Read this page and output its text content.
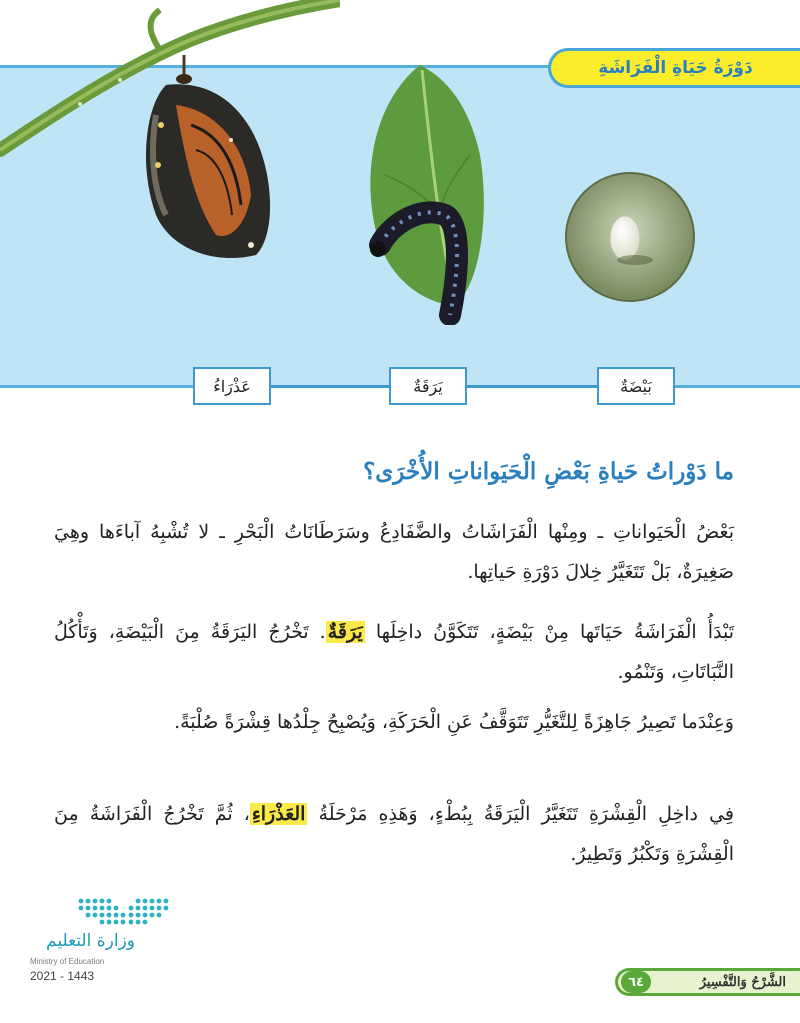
دَوْرَةُ حَيَاةِ الْفَرَاشَةِ
عَذْرَاءُ	يَرَقَةٌ	بَيْضَةٌ
ما دَوْراتُ حَياةِ بَعْضِ الْحَيَواناتِ الأُخْرَى؟
بَعْضُ الْحَيَواناتِ ـ ومِنْها الْفَرَاشَاتُ والضَّفَادِعُ وسَرَطَانَاتُ الْبَحْرِ ـ لا تُشْبِهُ آباءَها وهِيَ صَغِيرَةٌ، بَلْ تَتَغَيَّرُ خِلالَ دَوْرَةِ حَياتِها.
تَبْدَأُ الْفَرَاشَةُ حَيَاتَها مِنْ بَيْضَةٍ، تَتَكَوَّنُ داخِلَها يَرَقَةٌ. تَخْرُجُ اليَرَقَةُ مِنَ الْبَيْضَةِ، وَتَأْكُلُ النَّبَاتَاتِ، وَتَنْمُو.
وَعِنْدَما تَصِيرُ جَاهِزَةً لِلتَّغَيُّرِ تَتَوَقَّفُ عَنِ الْحَرَكَةِ، وَيُصْبِحُ جِلْدُها قِشْرَةً صُلْبَةً.
فِي داخِلِ الْقِشْرَةِ تَتَغَيَّرُ الْيَرَقَةُ بِبُطْءٍ، وَهَذِهِ مَرْحَلَةُ العَذْرَاءِ، ثُمَّ تَخْرُجُ الْفَرَاشَةُ مِنَ الْقِشْرَةِ وَتَكْبُرُ وَتَطِيرُ.
وزارة التعليم
Ministry of Education
2021 - 1443	الشَّرْحُ وَالتَّفْسِيرُ
٦٤
